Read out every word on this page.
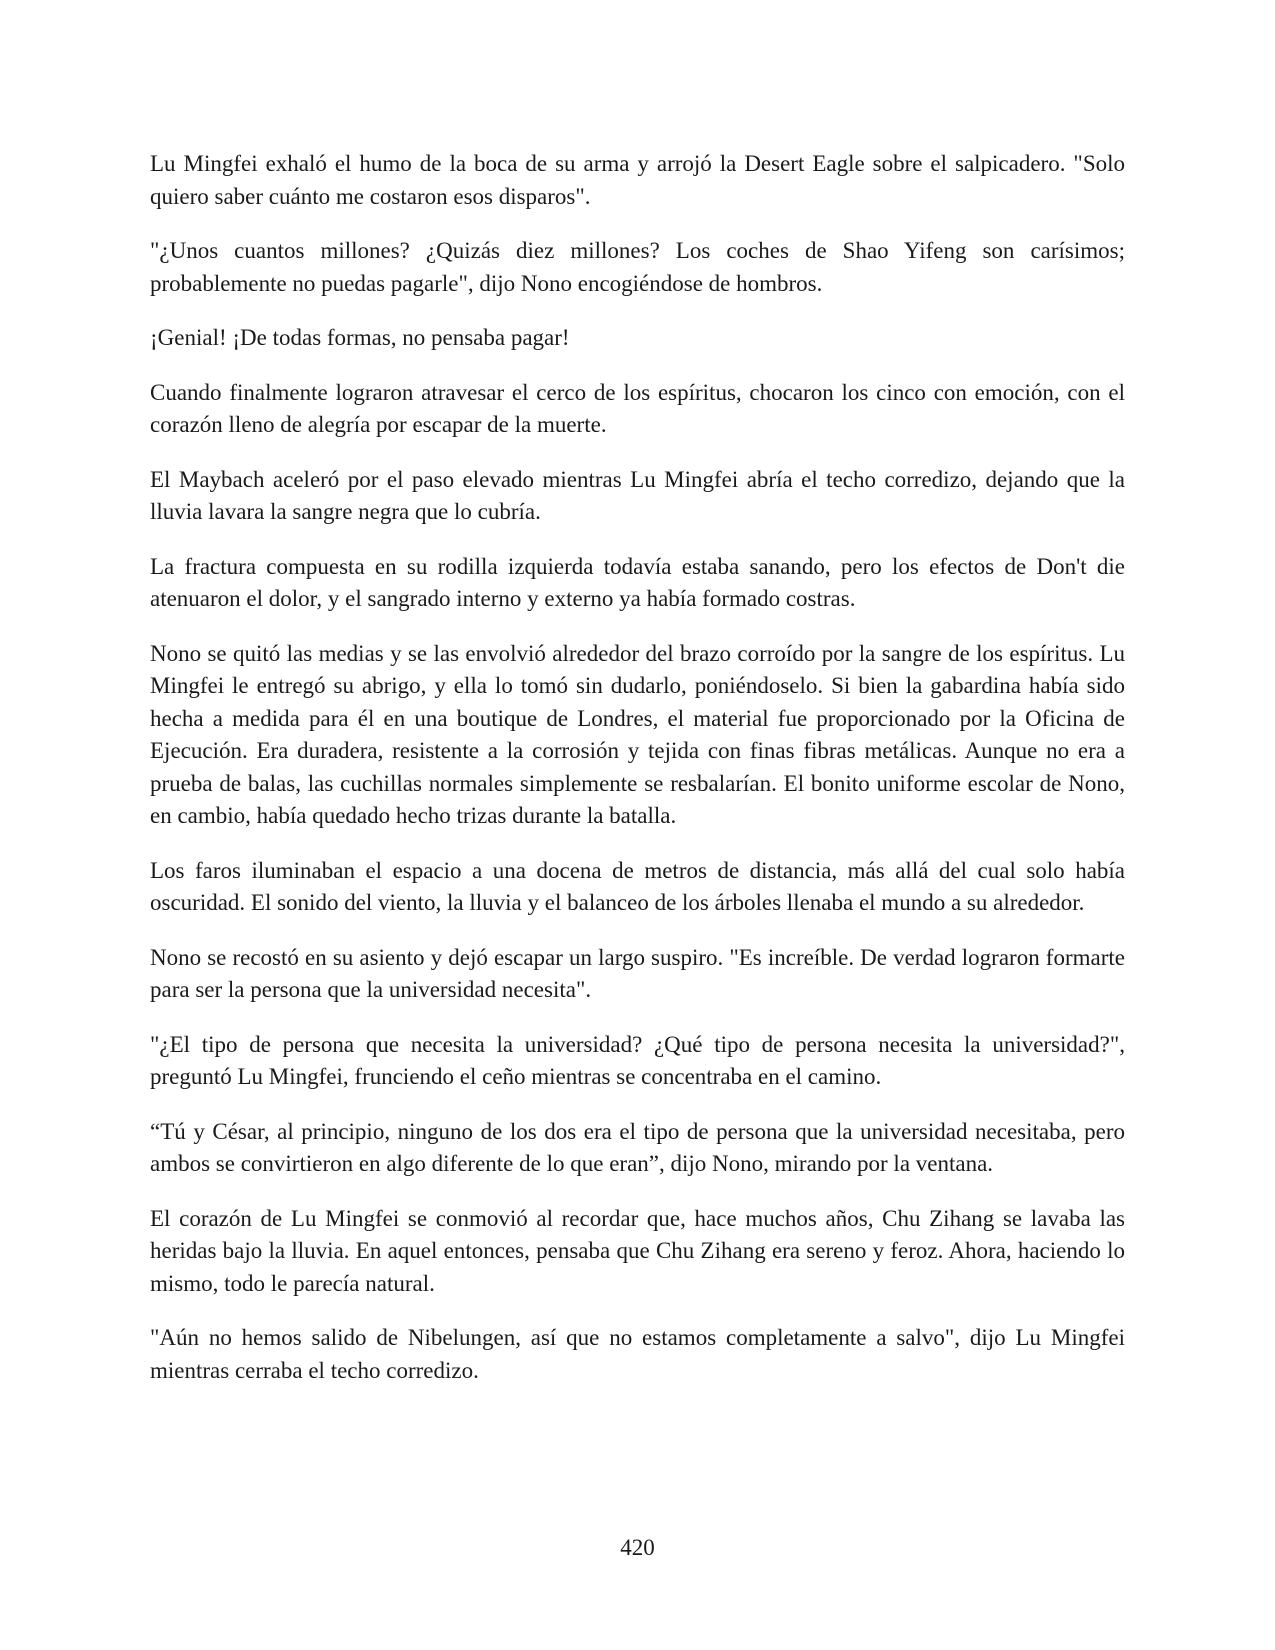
Lu Mingfei exhaló el humo de la boca de su arma y arrojó la Desert Eagle sobre el salpicadero. "Solo quiero saber cuánto me costaron esos disparos".

"¿Unos cuantos millones? ¿Quizás diez millones? Los coches de Shao Yifeng son carísimos; probablemente no puedas pagarle", dijo Nono encogiéndose de hombros.

¡Genial! ¡De todas formas, no pensaba pagar!

Cuando finalmente lograron atravesar el cerco de los espíritus, chocaron los cinco con emoción, con el corazón lleno de alegría por escapar de la muerte.

El Maybach aceleró por el paso elevado mientras Lu Mingfei abría el techo corredizo, dejando que la lluvia lavara la sangre negra que lo cubría.

La fractura compuesta en su rodilla izquierda todavía estaba sanando, pero los efectos de Don't die atenuaron el dolor, y el sangrado interno y externo ya había formado costras.

Nono se quitó las medias y se las envolvió alrededor del brazo corroído por la sangre de los espíritus. Lu Mingfei le entregó su abrigo, y ella lo tomó sin dudarlo, poniéndoselo. Si bien la gabardina había sido hecha a medida para él en una boutique de Londres, el material fue proporcionado por la Oficina de Ejecución. Era duradera, resistente a la corrosión y tejida con finas fibras metálicas. Aunque no era a prueba de balas, las cuchillas normales simplemente se resbalarían. El bonito uniforme escolar de Nono, en cambio, había quedado hecho trizas durante la batalla.

Los faros iluminaban el espacio a una docena de metros de distancia, más allá del cual solo había oscuridad. El sonido del viento, la lluvia y el balanceo de los árboles llenaba el mundo a su alrededor.

Nono se recostó en su asiento y dejó escapar un largo suspiro. "Es increíble. De verdad lograron formarte para ser la persona que la universidad necesita".

"¿El tipo de persona que necesita la universidad? ¿Qué tipo de persona necesita la universidad?", preguntó Lu Mingfei, frunciendo el ceño mientras se concentraba en el camino.

“Tú y César, al principio, ninguno de los dos era el tipo de persona que la universidad necesitaba, pero ambos se convirtieron en algo diferente de lo que eran”, dijo Nono, mirando por la ventana.

El corazón de Lu Mingfei se conmovió al recordar que, hace muchos años, Chu Zihang se lavaba las heridas bajo la lluvia. En aquel entonces, pensaba que Chu Zihang era sereno y feroz. Ahora, haciendo lo mismo, todo le parecía natural.

"Aún no hemos salido de Nibelungen, así que no estamos completamente a salvo", dijo Lu Mingfei mientras cerraba el techo corredizo.

420
